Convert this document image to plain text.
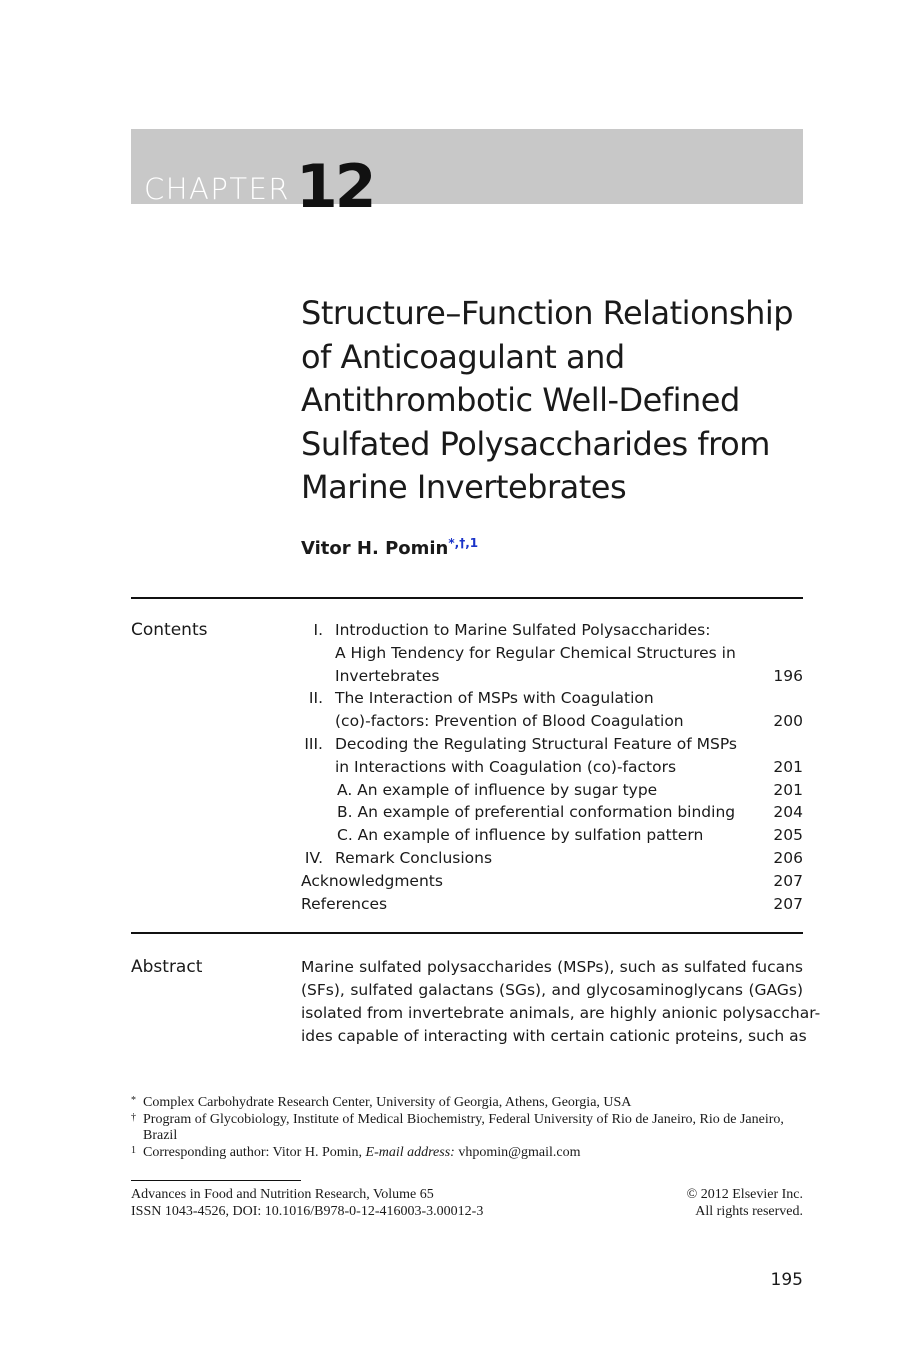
CHAPTER 12
Structure–Function Relationship
of Anticoagulant and
Antithrombotic Well-Defined
Sulfated Polysaccharides from
Marine Invertebrates
Vitor H. Pomin$^{*,\dagger,1}$
Contents	I. Introduction to Marine Sulfated Polysaccharides:
A High Tendency for Regular Chemical Structures in
Invertebrates	196
II. The Interaction of MSPs with Coagulation
(co)-factors: Prevention of Blood Coagulation	200
III. Decoding the Regulating Structural Feature of MSPs
in Interactions with Coagulation (co)-factors	201
A. An example of influence by sugar type	201
B. An example of preferential conformation binding 204
C. An example of influence by sulfation pattern	205
IV. Remark Conclusions	206
Acknowledgments	207
References	207
Abstract	Marine sulfated polysaccharides (MSPs), such as sulfated fucans
(SFs), sulfated galactans (SGs), and glycosaminoglycans (GAGs)
isolated from invertebrate animals, are highly anionic polysacchar-
ides capable of interacting with certain cationic proteins, such as
* Complex Carbohydrate Research Center, University of Georgia, Athens, Georgia, USA
† Program of Glycobiology, Institute of Medical Biochemistry, Federal University of Rio de Janeiro, Rio de Janeiro, Brazil
1 Corresponding author: Vitor H. Pomin, E-mail address: vhpomin@gmail.com
Advances in Food and Nutrition Research, Volume 65
ISSN 1043-4526, DOI: 10.1016/B978-0-12-416003-3.00012-3
© 2012 Elsevier Inc.
All rights reserved.
195
